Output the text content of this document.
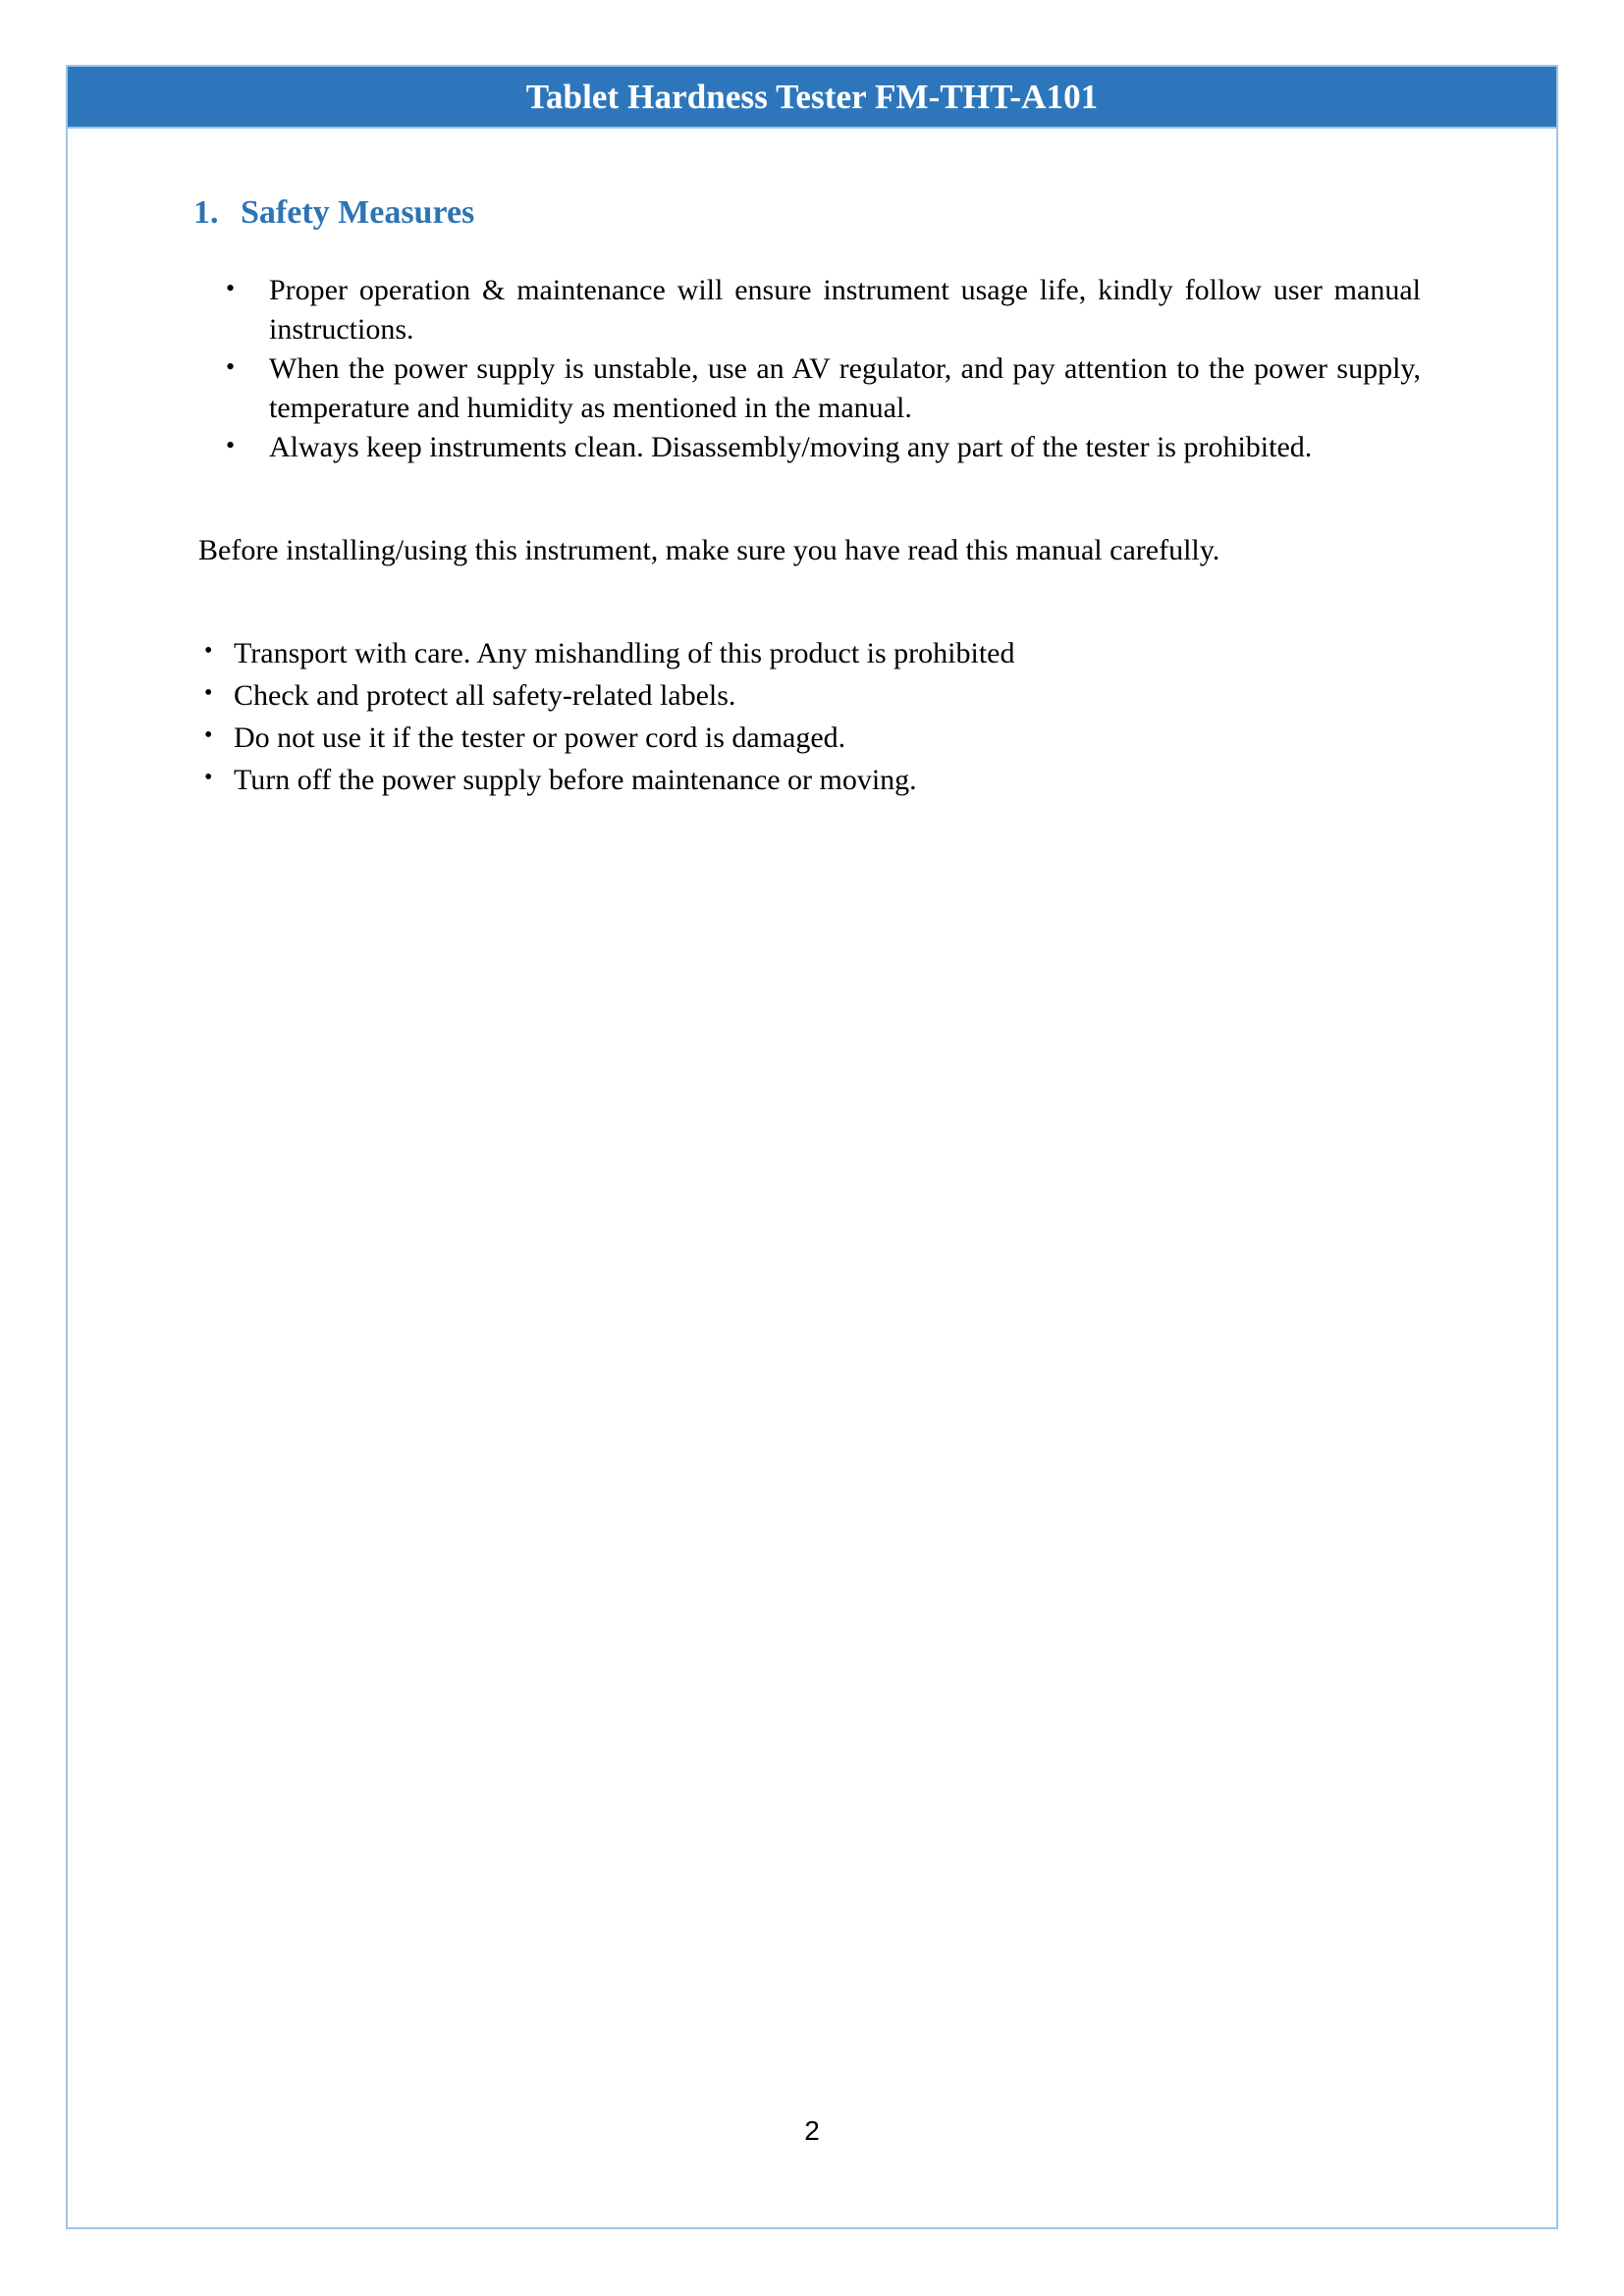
Tablet Hardness Tester FM-THT-A101
1. Safety Measures
• Proper operation & maintenance will ensure instrument usage life, kindly follow user manual instructions.
• When the power supply is unstable, use an AV regulator, and pay attention to the power supply, temperature and humidity as mentioned in the manual.
• Always keep instruments clean. Disassembly/moving any part of the tester is prohibited.
Before installing/using this instrument, make sure you have read this manual carefully.
• Transport with care. Any mishandling of this product is prohibited
• Check and protect all safety-related labels.
• Do not use it if the tester or power cord is damaged.
• Turn off the power supply before maintenance or moving.
2
